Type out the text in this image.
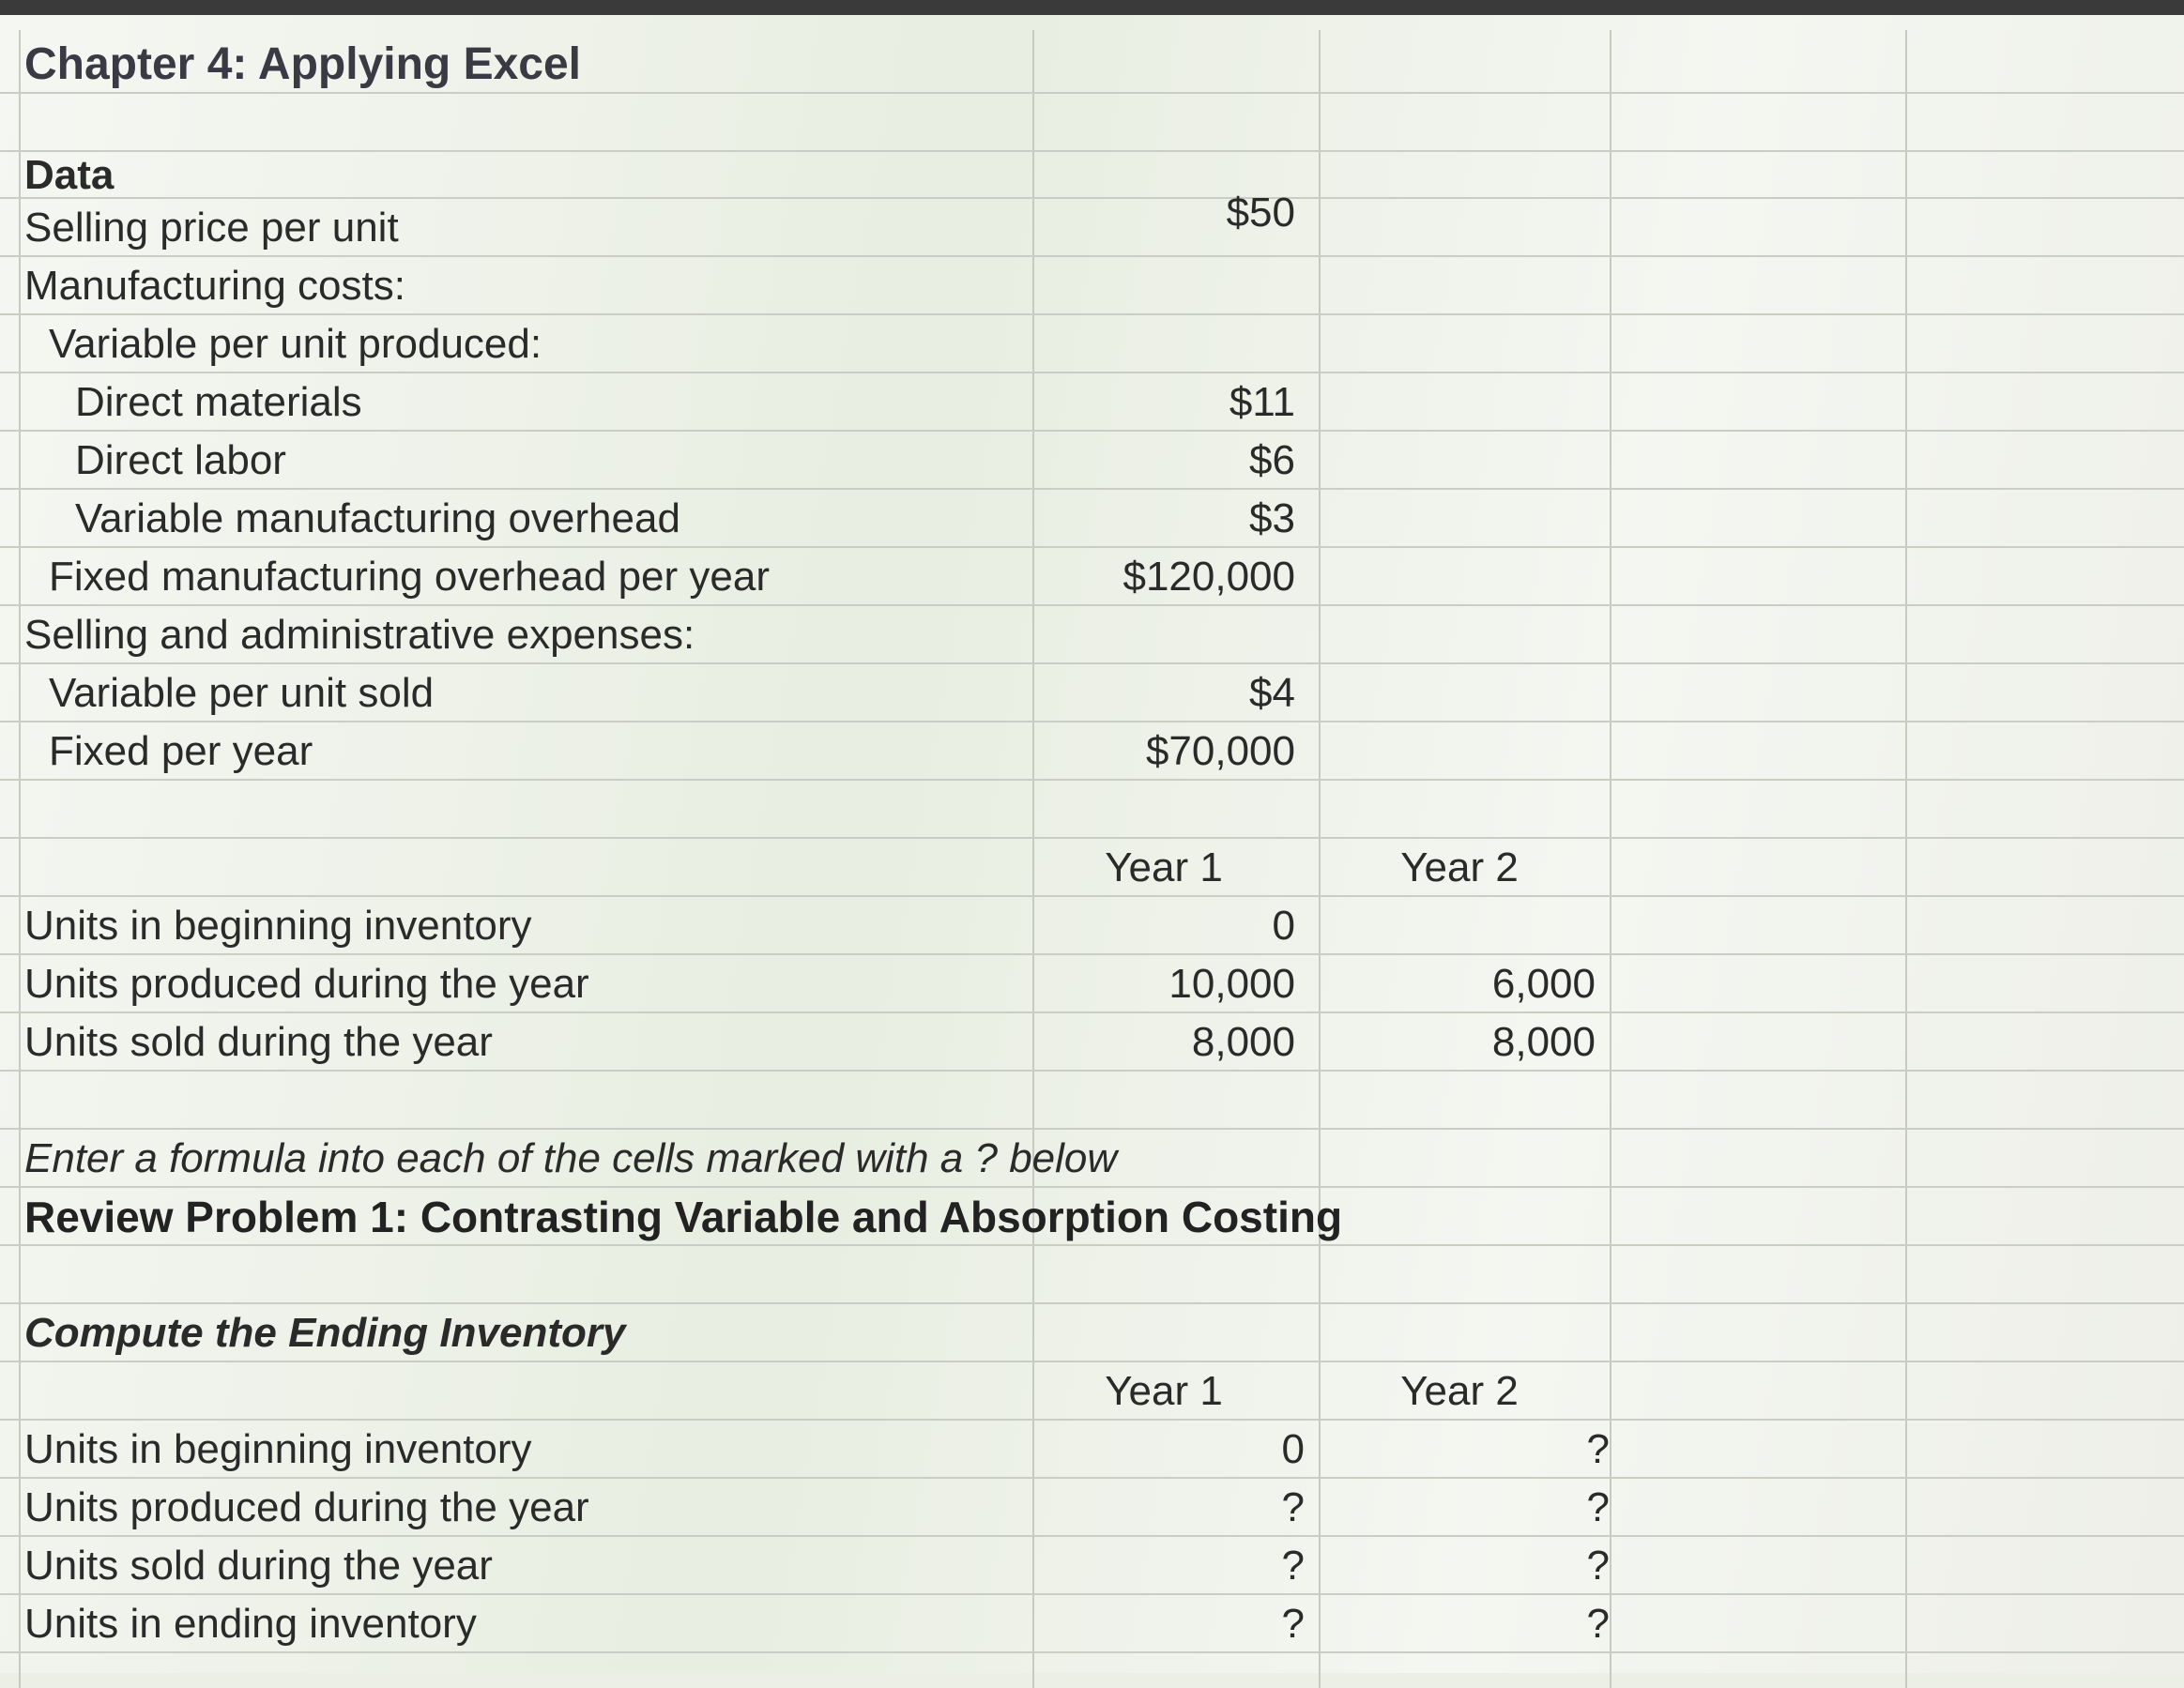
Chapter 4: Applying Excel
Data
Selling price per unit	$50
Manufacturing costs:
Variable per unit produced:
Direct materials	$11
Direct labor	$6
Variable manufacturing overhead	$3
Fixed manufacturing overhead per year	$120,000
Selling and administrative expenses:
Variable per unit sold	$4
Fixed per year	$70,000
Year 1	Year 2
Units in beginning inventory	0
Units produced during the year	10,000	6,000
Units sold during the year	8,000	8,000
Enter a formula into each of the cells marked with a ? below
Review Problem 1: Contrasting Variable and Absorption Costing
Compute the Ending Inventory
Year 1	Year 2
Units in beginning inventory	0	?
Units produced during the year	?	?
Units sold during the year	?	?
Units in ending inventory	?	?
